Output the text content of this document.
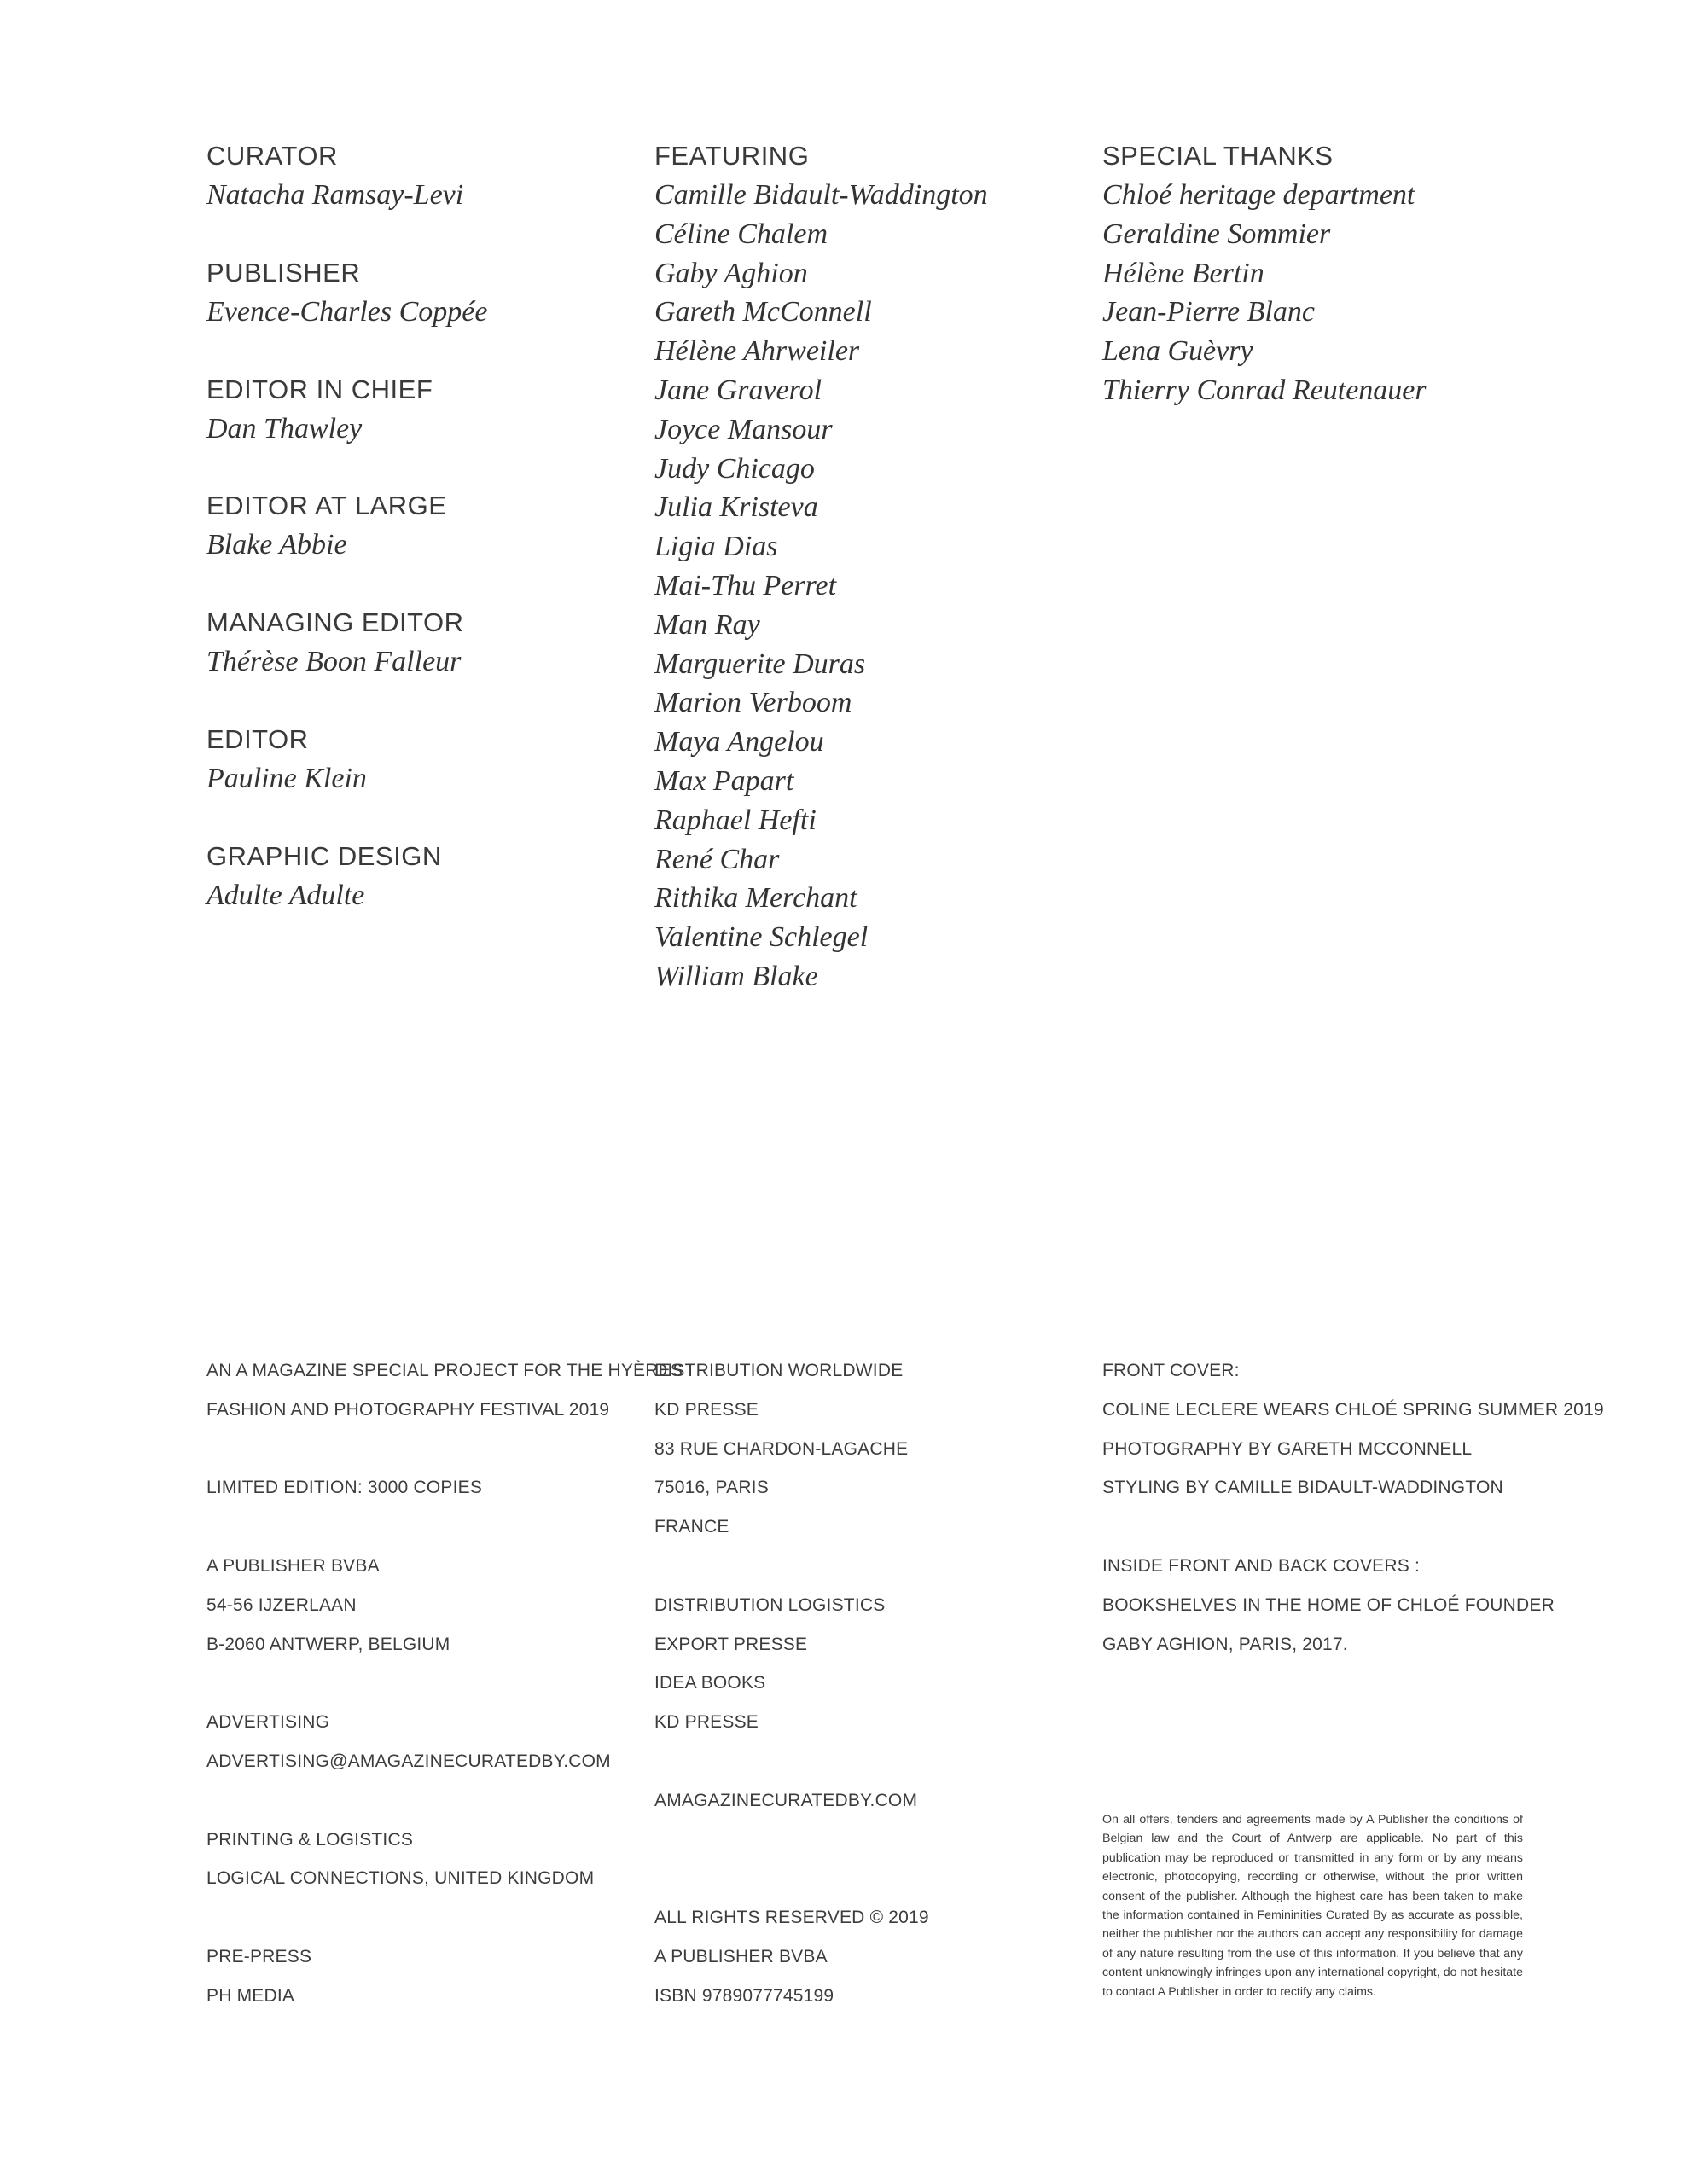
CURATOR
Natacha Ramsay-Levi
PUBLISHER
Evence-Charles Coppée
EDITOR IN CHIEF
Dan Thawley
EDITOR AT LARGE
Blake Abbie
MANAGING EDITOR
Thérèse Boon Falleur
EDITOR
Pauline Klein
GRAPHIC DESIGN
Adulte Adulte
FEATURING
Camille Bidault-Waddington
Céline Chalem
Gaby Aghion
Gareth McConnell
Hélène Ahrweiler
Jane Graverol
Joyce Mansour
Judy Chicago
Julia Kristeva
Ligia Dias
Mai-Thu Perret
Man Ray
Marguerite Duras
Marion Verboom
Maya Angelou
Max Papart
Raphael Hefti
René Char
Rithika Merchant
Valentine Schlegel
William Blake
SPECIAL THANKS
Chloé heritage department
Geraldine Sommier
Hélène Bertin
Jean-Pierre Blanc
Lena Guèvry
Thierry Conrad Reutenauer
AN A MAGAZINE SPECIAL PROJECT FOR THE HYÈRES
FASHION AND PHOTOGRAPHY FESTIVAL 2019
LIMITED EDITION: 3000 COPIES
A PUBLISHER BVBA
54-56 IJZERLAAN
B-2060 ANTWERP, BELGIUM
ADVERTISING
ADVERTISING@AMAGAZINECURATEDBY.COM
PRINTING & LOGISTICS
LOGICAL CONNECTIONS, UNITED KINGDOM
PRE-PRESS
PH MEDIA
DISTRIBUTION WORLDWIDE
KD PRESSE
83 RUE CHARDON-LAGACHE
75016, PARIS
FRANCE
DISTRIBUTION LOGISTICS
EXPORT PRESSE
IDEA BOOKS
KD PRESSE
AMAGAZINECURATEDBY.COM
ALL RIGHTS RESERVED © 2019
A PUBLISHER BVBA
ISBN 9789077745199
FRONT COVER:
COLINE LECLERE WEARS CHLOÉ SPRING SUMMER 2019
PHOTOGRAPHY BY GARETH MCCONNELL
STYLING BY CAMILLE BIDAULT-WADDINGTON
INSIDE FRONT AND BACK COVERS :
BOOKSHELVES IN THE HOME OF CHLOÉ FOUNDER
GABY AGHION, PARIS, 2017.
On all offers, tenders and agreements made by A Publisher the conditions of Belgian law and the Court of Antwerp are applicable. No part of this publication may be reproduced or transmitted in any form or by any means electronic, photocopying, recording or otherwise, without the prior written consent of the publisher. Although the highest care has been taken to make the information contained in Femininities Curated By as accurate as possible, neither the publisher nor the authors can accept any responsibility for damage of any nature resulting from the use of this information. If you believe that any content unknowingly infringes upon any international copyright, do not hesitate to contact A Publisher in order to rectify any claims.
